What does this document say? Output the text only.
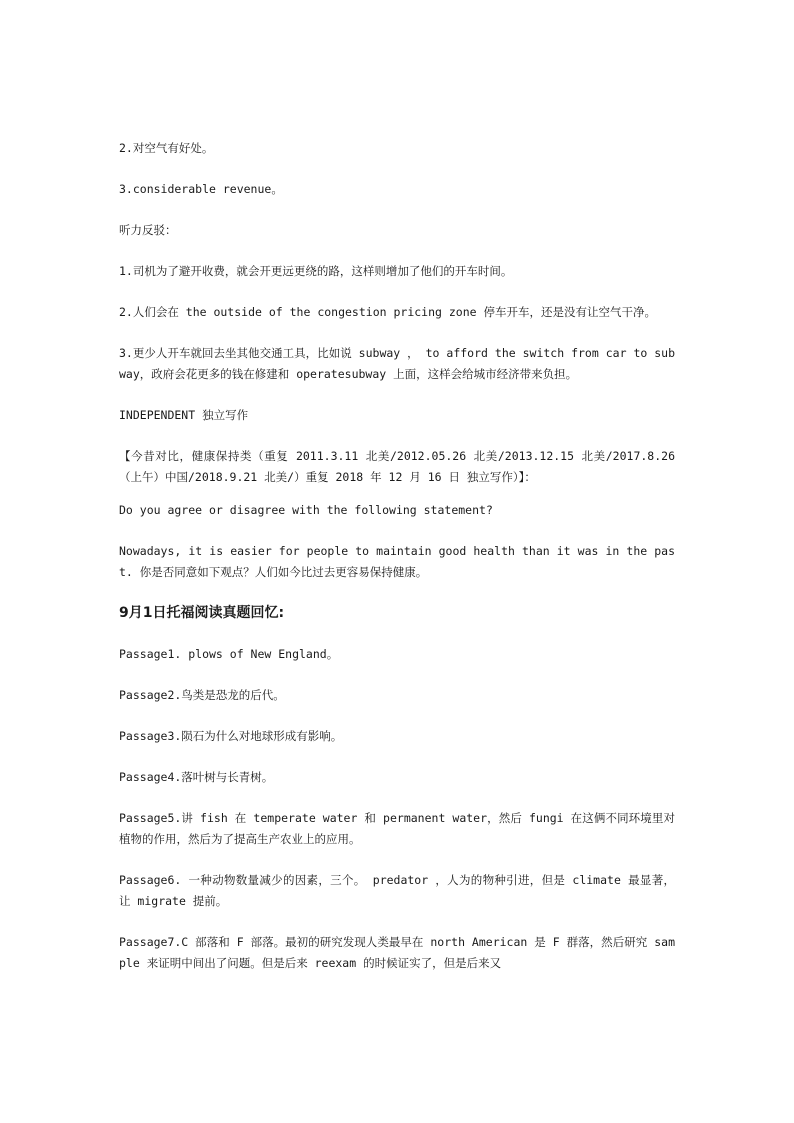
2.对空气有好处。

3.considerable revenue。

听力反驳：

1.司机为了避开收费，就会开更远更绕的路，这样则增加了他们的开车时间。

2.人们会在 the outside of the congestion pricing zone 停车开车，还是没有让空气干净。

3.更少人开车就回去坐其他交通工具，比如说 subway ， to afford the switch from car to subway，政府会花更多的钱在修建和 operatesubway 上面，这样会给城市经济带来负担。

INDEPENDENT 独立写作

【今昔对比，健康保持类（重复 2011.3.11 北美/2012.05.26 北美/2013.12.15 北美/2017.8.26（上午）中国/2018.9.21 北美/）重复 2018 年 12 月 16 日 独立写作）】：

Do you agree or disagree with the following statement?

Nowadays, it is easier for people to maintain good health than it was in the past. 你是否同意如下观点？人们如今比过去更容易保持健康。

9月1日托福阅读真题回忆:

Passage1. plows of New England。

Passage2.鸟类是恐龙的后代。

Passage3.陨石为什么对地球形成有影响。

Passage4.落叶树与长青树。

Passage5.讲 fish 在 temperate water 和 permanent water，然后 fungi 在这俩不同环境里对植物的作用，然后为了提高生产农业上的应用。

Passage6. 一种动物数量减少的因素，三个。 predator ，人为的物种引进，但是 climate 最显著，让 migrate 提前。

Passage7.C 部落和 F 部落。最初的研究发现人类最早在 north American 是 F 群落，然后研究 sample 来证明中间出了问题。但是后来 reexam 的时候证实了，但是后来又
